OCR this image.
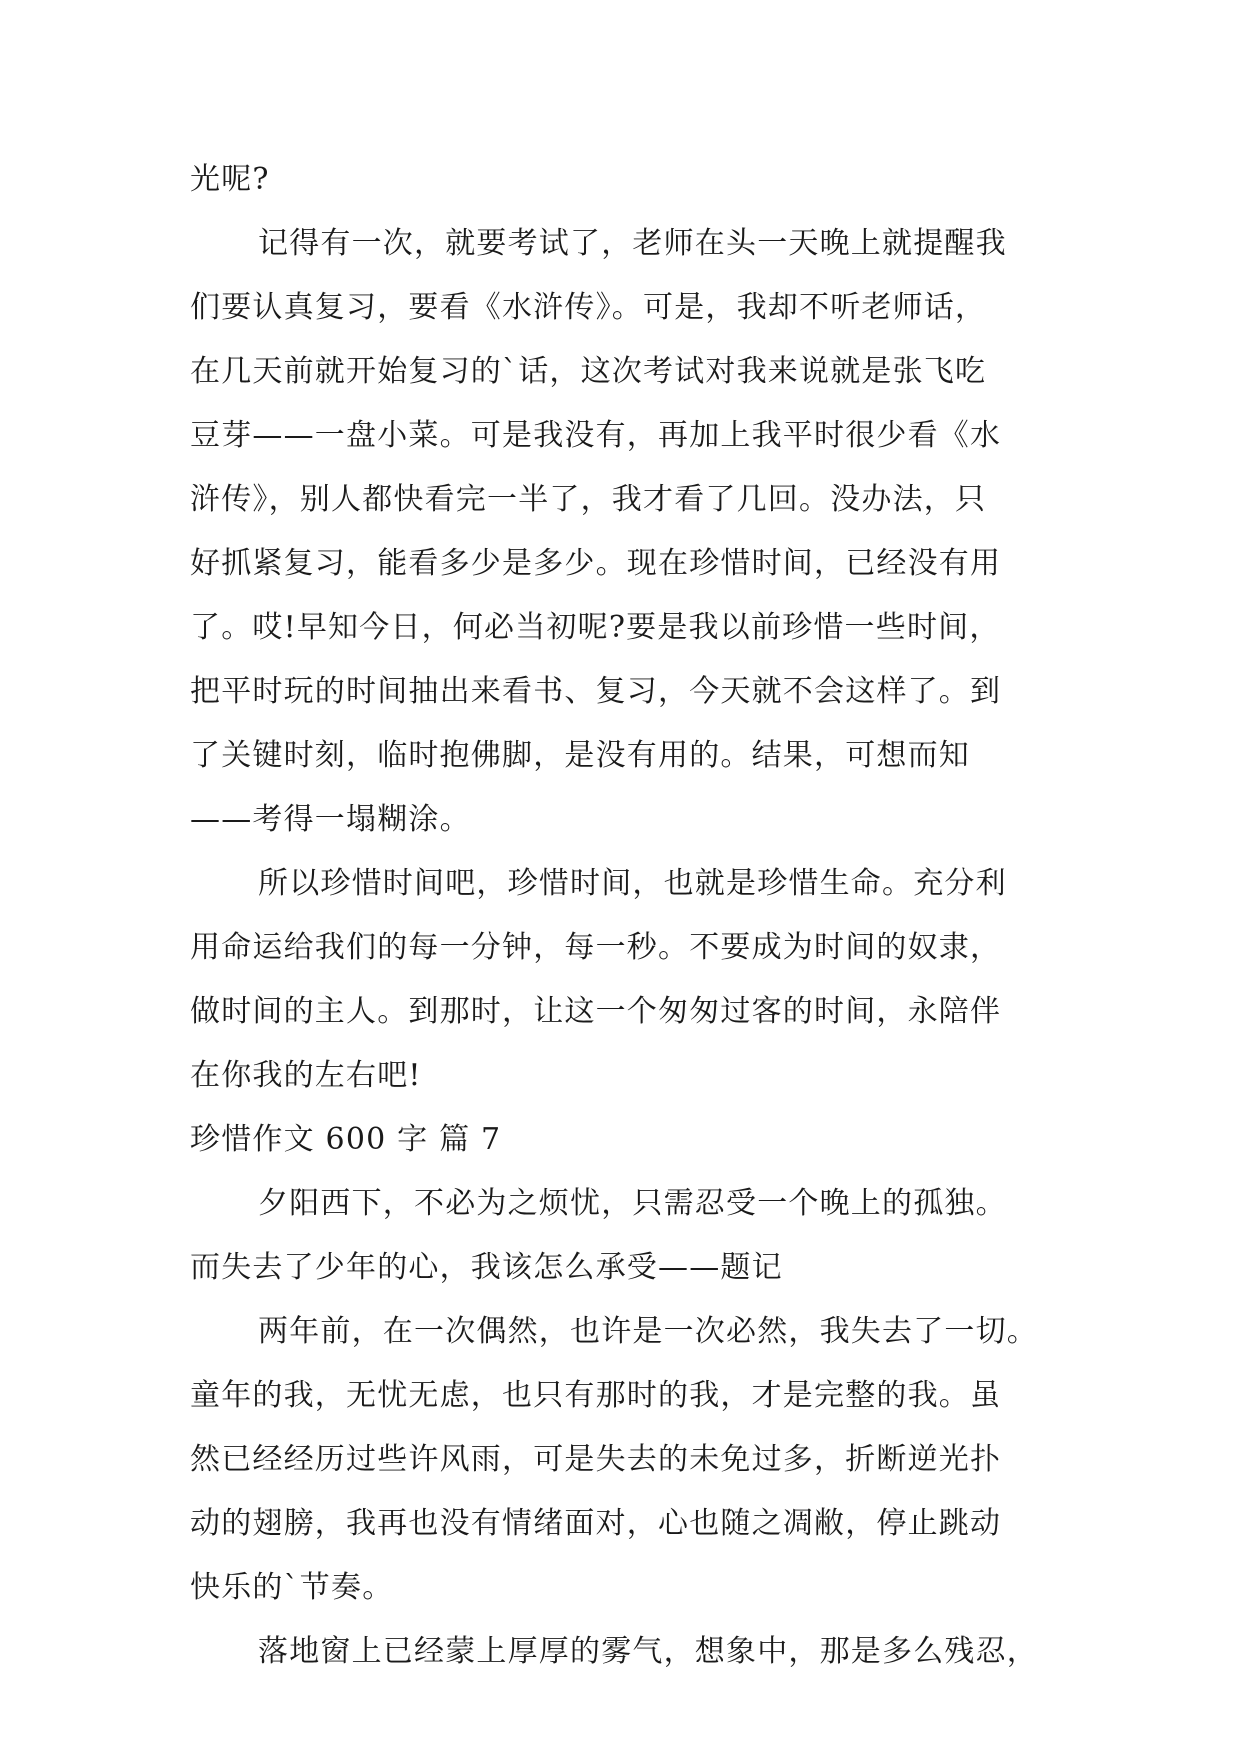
光呢?
记得有一次，就要考试了，老师在头一天晚上就提醒我
们要认真复习，要看《水浒传》。可是，我却不听老师话，
在几天前就开始复习的`话，这次考试对我来说就是张飞吃
豆芽——一盘小菜。可是我没有，再加上我平时很少看《水
浒传》，别人都快看完一半了，我才看了几回。没办法，只
好抓紧复习，能看多少是多少。现在珍惜时间，已经没有用
了。哎!早知今日，何必当初呢?要是我以前珍惜一些时间，
把平时玩的时间抽出来看书、复习，今天就不会这样了。到
了关键时刻，临时抱佛脚，是没有用的。结果，可想而知
——考得一塌糊涂。
所以珍惜时间吧，珍惜时间，也就是珍惜生命。充分利
用命运给我们的每一分钟，每一秒。不要成为时间的奴隶，
做时间的主人。到那时，让这一个匆匆过客的时间，永陪伴
在你我的左右吧!
珍惜作文 600 字 篇 7
夕阳西下，不必为之烦忧，只需忍受一个晚上的孤独。
而失去了少年的心，我该怎么承受——题记
两年前，在一次偶然，也许是一次必然，我失去了一切。
童年的我，无忧无虑，也只有那时的我，才是完整的我。虽
然已经经历过些许风雨，可是失去的未免过多，折断逆光扑
动的翅膀，我再也没有情绪面对，心也随之凋敝，停止跳动
快乐的`节奏。
落地窗上已经蒙上厚厚的雾气，想象中，那是多么残忍，
